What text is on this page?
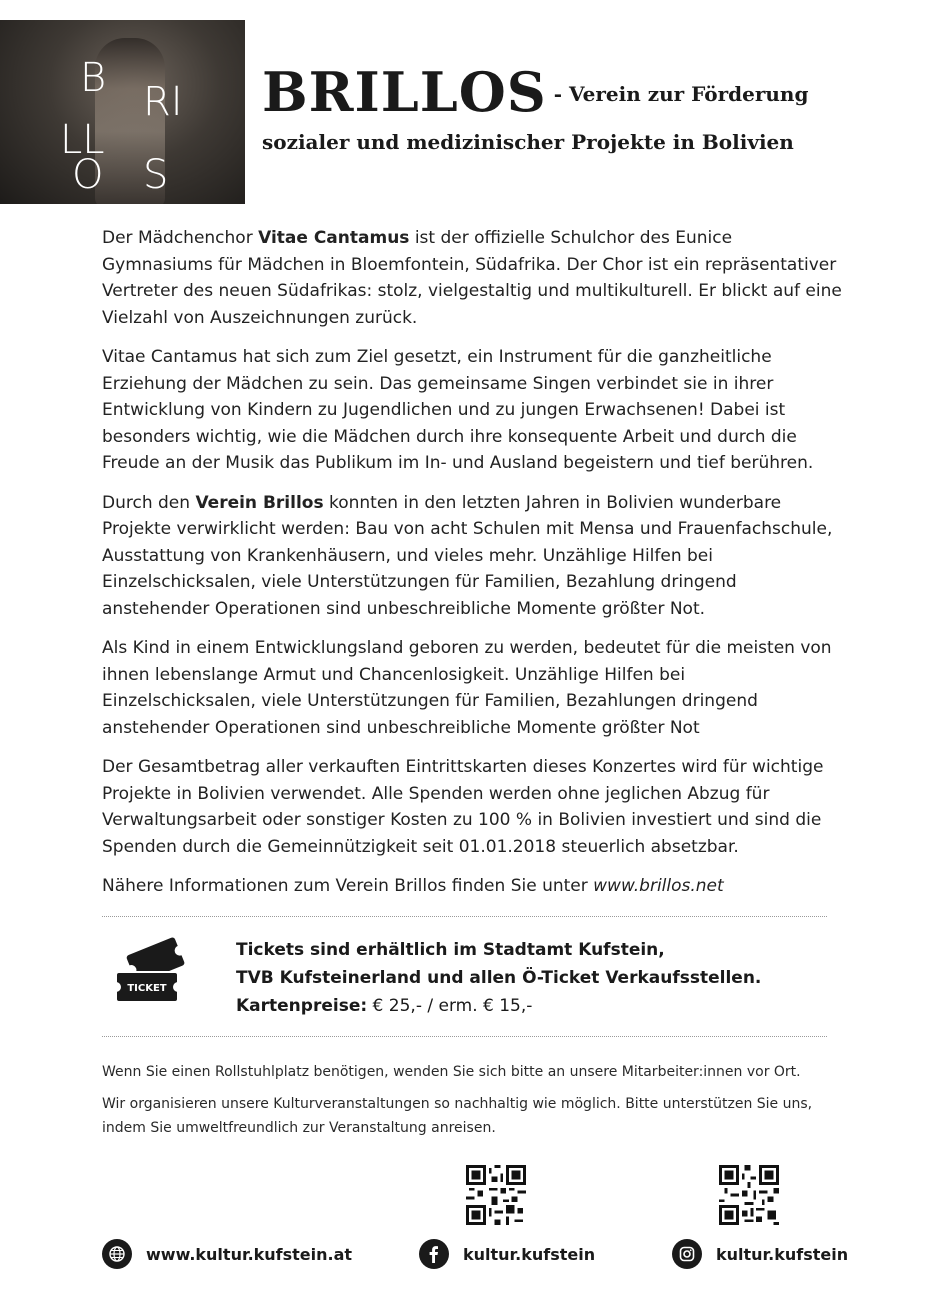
B
RI
LL
O S
BRILLOS - Verein zur Förderung
sozialer und medizinischer Projekte in Bolivien

Der Mädchenchor Vitae Cantamus ist der offizielle Schulchor des Eunice Gymnasiums für Mädchen in Bloemfontein, Südafrika. Der Chor ist ein repräsentativer Vertreter des neuen Südafrikas: stolz, vielgestaltig und multikulturell. Er blickt auf eine Vielzahl von Auszeichnungen zurück.

Vitae Cantamus hat sich zum Ziel gesetzt, ein Instrument für die ganzheitliche Erziehung der Mädchen zu sein. Das gemeinsame Singen verbindet sie in ihrer Entwicklung von Kindern zu Jugendlichen und zu jungen Erwachsenen! Dabei ist besonders wichtig, wie die Mädchen durch ihre konsequente Arbeit und durch die Freude an der Musik das Publikum im In- und Ausland begeistern und tief berühren.

Durch den Verein Brillos konnten in den letzten Jahren in Bolivien wunderbare Projekte verwirklicht werden: Bau von acht Schulen mit Mensa und Frauenfachschule, Ausstattung von Krankenhäusern, und vieles mehr. Unzählige Hilfen bei Einzelschicksalen, viele Unterstützungen für Familien, Bezahlung dringend anstehender Operationen sind unbeschreibliche Momente größter Not.

Als Kind in einem Entwicklungsland geboren zu werden, bedeutet für die meisten von ihnen lebenslange Armut und Chancenlosigkeit. Unzählige Hilfen bei Einzelschicksalen, viele Unterstützungen für Familien, Bezahlungen dringend anstehender Operationen sind unbeschreibliche Momente größter Not

Der Gesamtbetrag aller verkauften Eintrittskarten dieses Konzertes wird für wichtige Projekte in Bolivien verwendet. Alle Spenden werden ohne jeglichen Abzug für Verwaltungsarbeit oder sonstiger Kosten zu 100 % in Bolivien investiert und sind die Spenden durch die Gemeinnützigkeit seit 01.01.2018 steuerlich absetzbar.

Nähere Informationen zum Verein Brillos finden Sie unter www.brillos.net

TICKET
Tickets sind erhältlich im Stadtamt Kufstein,
TVB Kufsteinerland und allen Ö-Ticket Verkaufsstellen.
Kartenpreise: € 25,- / erm. € 15,-
Wenn Sie einen Rollstuhlplatz benötigen, wenden Sie sich bitte an unsere Mitarbeiter:innen vor Ort.
Wir organisieren unsere Kulturveranstaltungen so nachhaltig wie möglich. Bitte unterstützen Sie uns, indem Sie umweltfreundlich zur Veranstaltung anreisen.
www.kultur.kufstein.at	kultur.kufstein	kultur.kufstein
